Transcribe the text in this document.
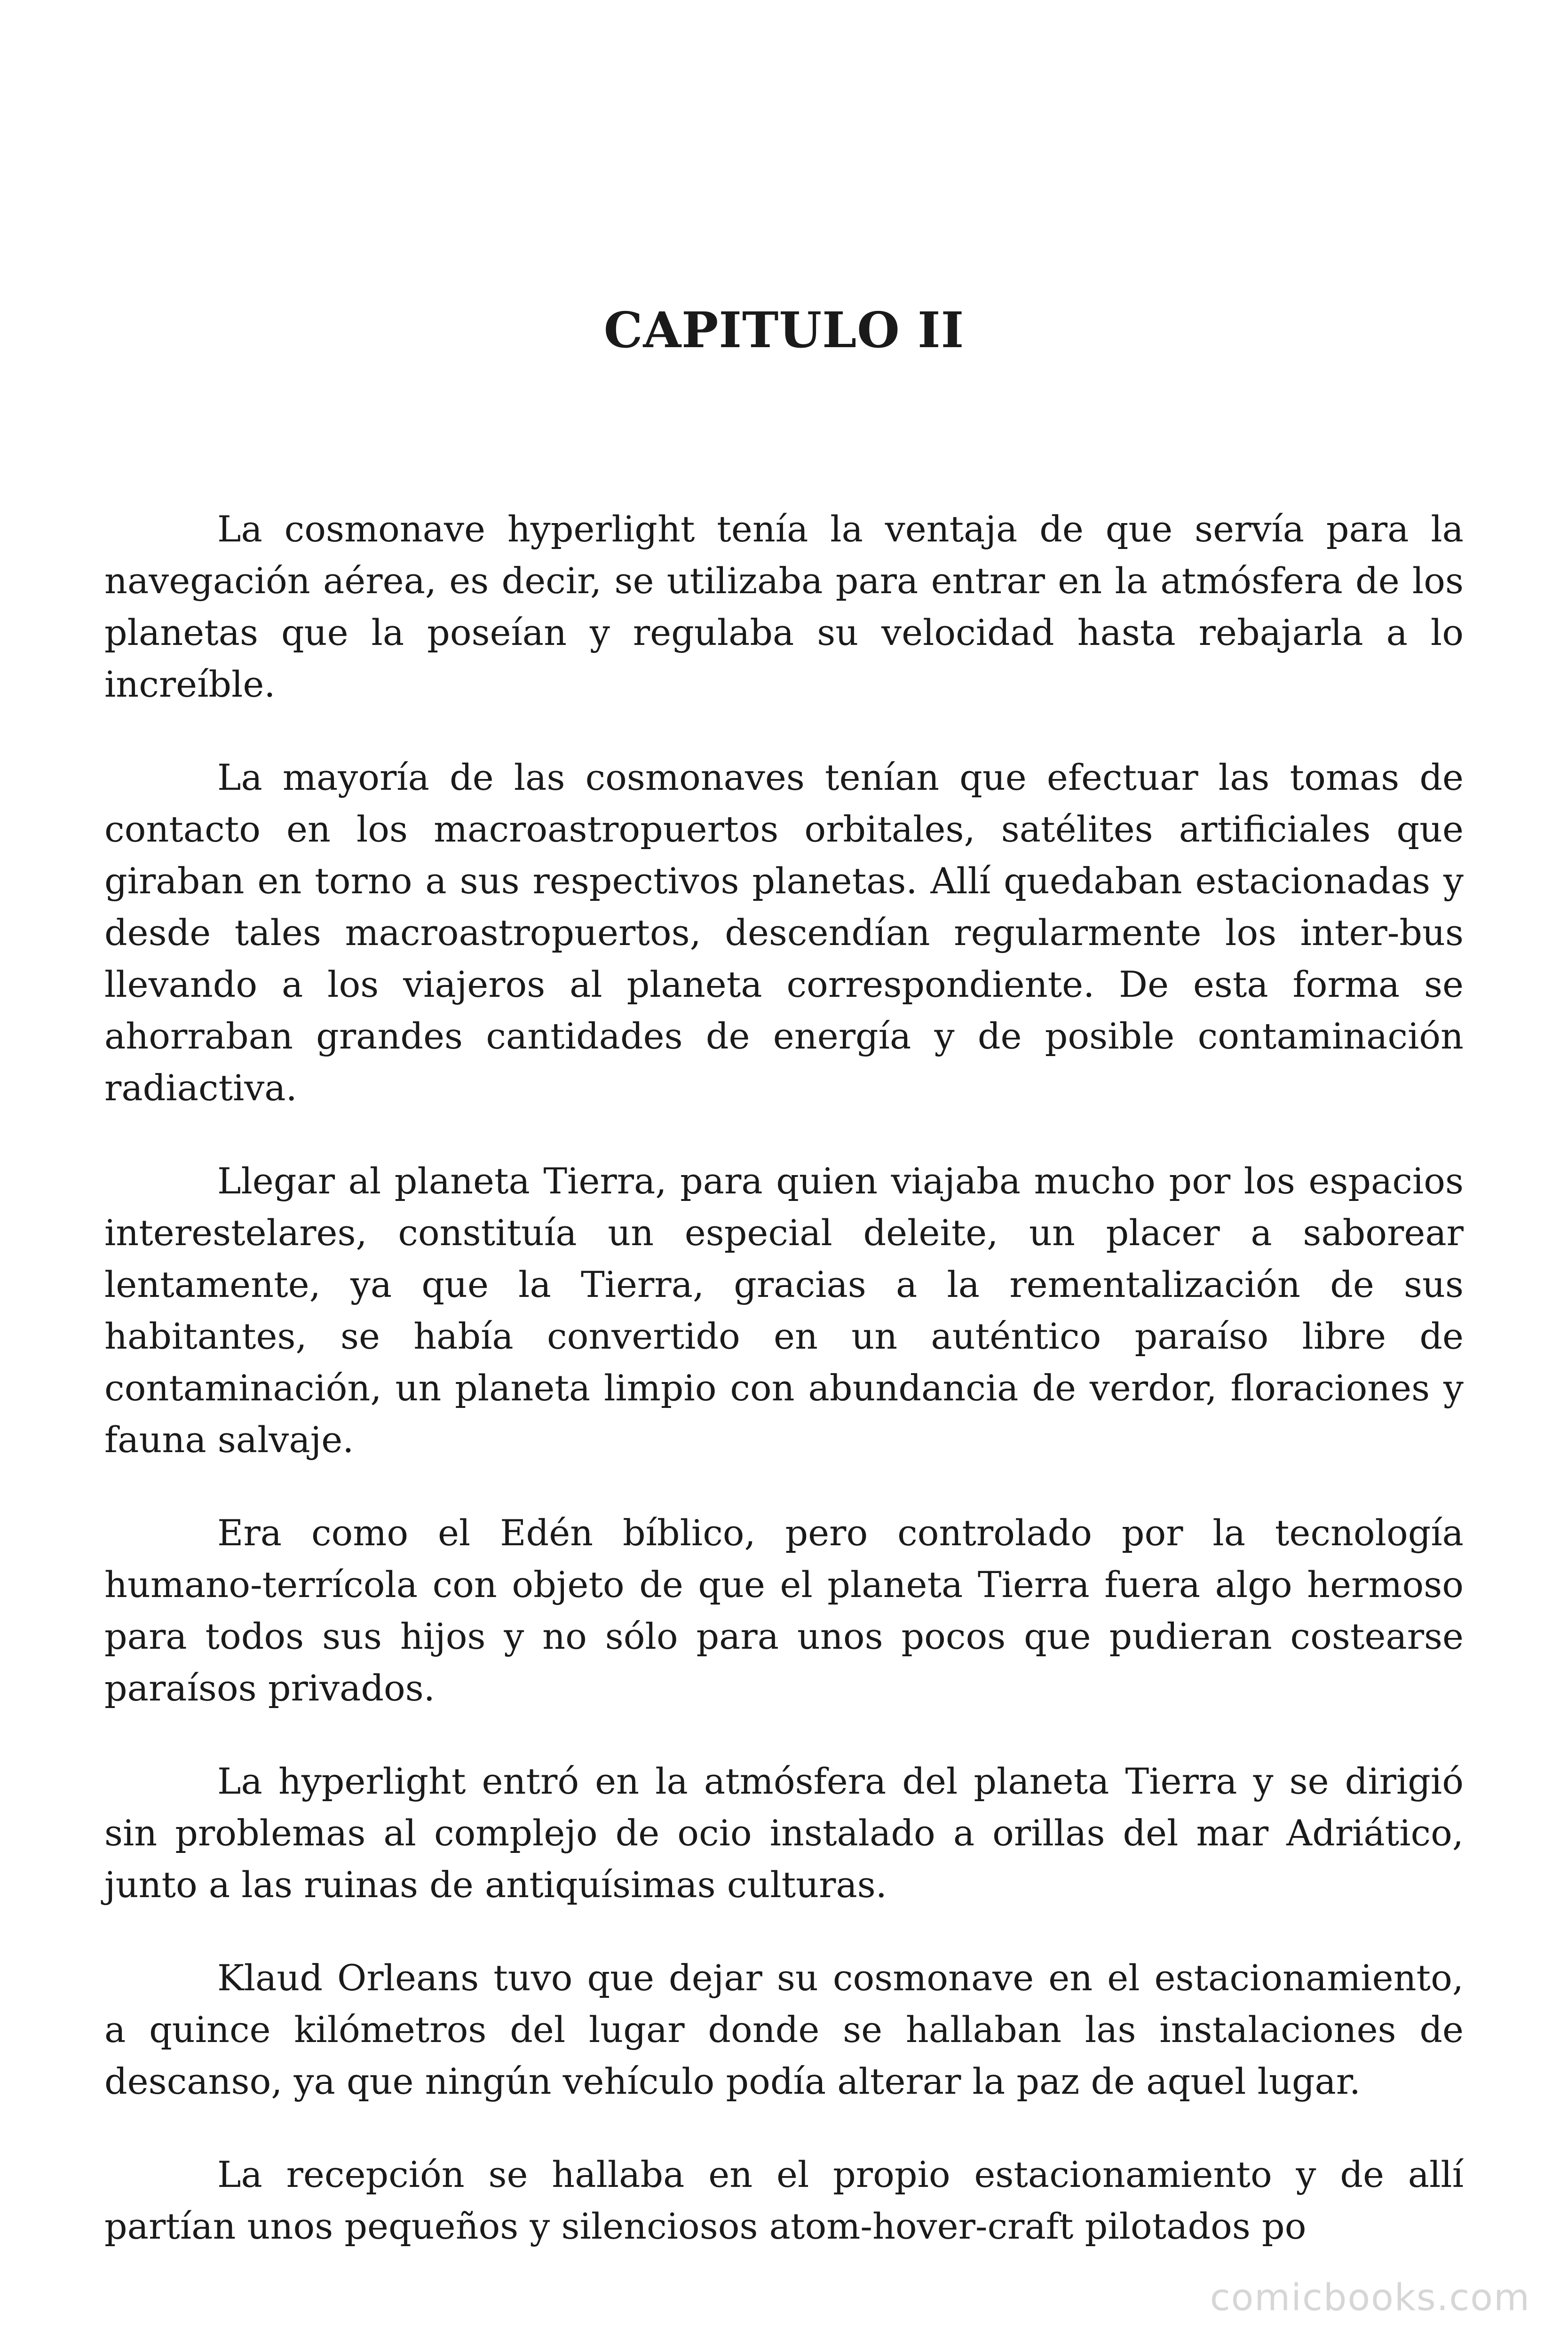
CAPITULO II

La cosmonave hyperlight tenía la ventaja de que servía para la navegación aérea, es decir, se utilizaba para entrar en la atmósfera de los planetas que la poseían y regulaba su velocidad hasta rebajarla a lo increíble.

La mayoría de las cosmonaves tenían que efectuar las tomas de contacto en los macroastropuertos orbitales, satélites artificiales que giraban en torno a sus respectivos planetas. Allí quedaban estacionadas y desde tales macroastropuertos, descendían regularmente los inter-bus llevando a los viajeros al planeta correspondiente. De esta forma se ahorraban grandes cantidades de energía y de posible contaminación radiactiva.

Llegar al planeta Tierra, para quien viajaba mucho por los espacios interestelares, constituía un especial deleite, un placer a saborear lentamente, ya que la Tierra, gracias a la rementalización de sus habitantes, se había convertido en un auténtico paraíso libre de contaminación, un planeta limpio con abundancia de verdor, floraciones y fauna salvaje.

Era como el Edén bíblico, pero controlado por la tecnología humano-terrícola con objeto de que el planeta Tierra fuera algo hermoso para todos sus hijos y no sólo para unos pocos que pudieran costearse paraísos privados.

La hyperlight entró en la atmósfera del planeta Tierra y se dirigió sin problemas al complejo de ocio instalado a orillas del mar Adriático, junto a las ruinas de antiquísimas culturas.

Klaud Orleans tuvo que dejar su cosmonave en el estacionamiento, a quince kilómetros del lugar donde se hallaban las instalaciones de descanso, ya que ningún vehículo podía alterar la paz de aquel lugar.

La recepción se hallaba en el propio estacionamiento y de allí partían unos pequeños y silenciosos atom-hover-craft pilotados po

comicbooks.com
